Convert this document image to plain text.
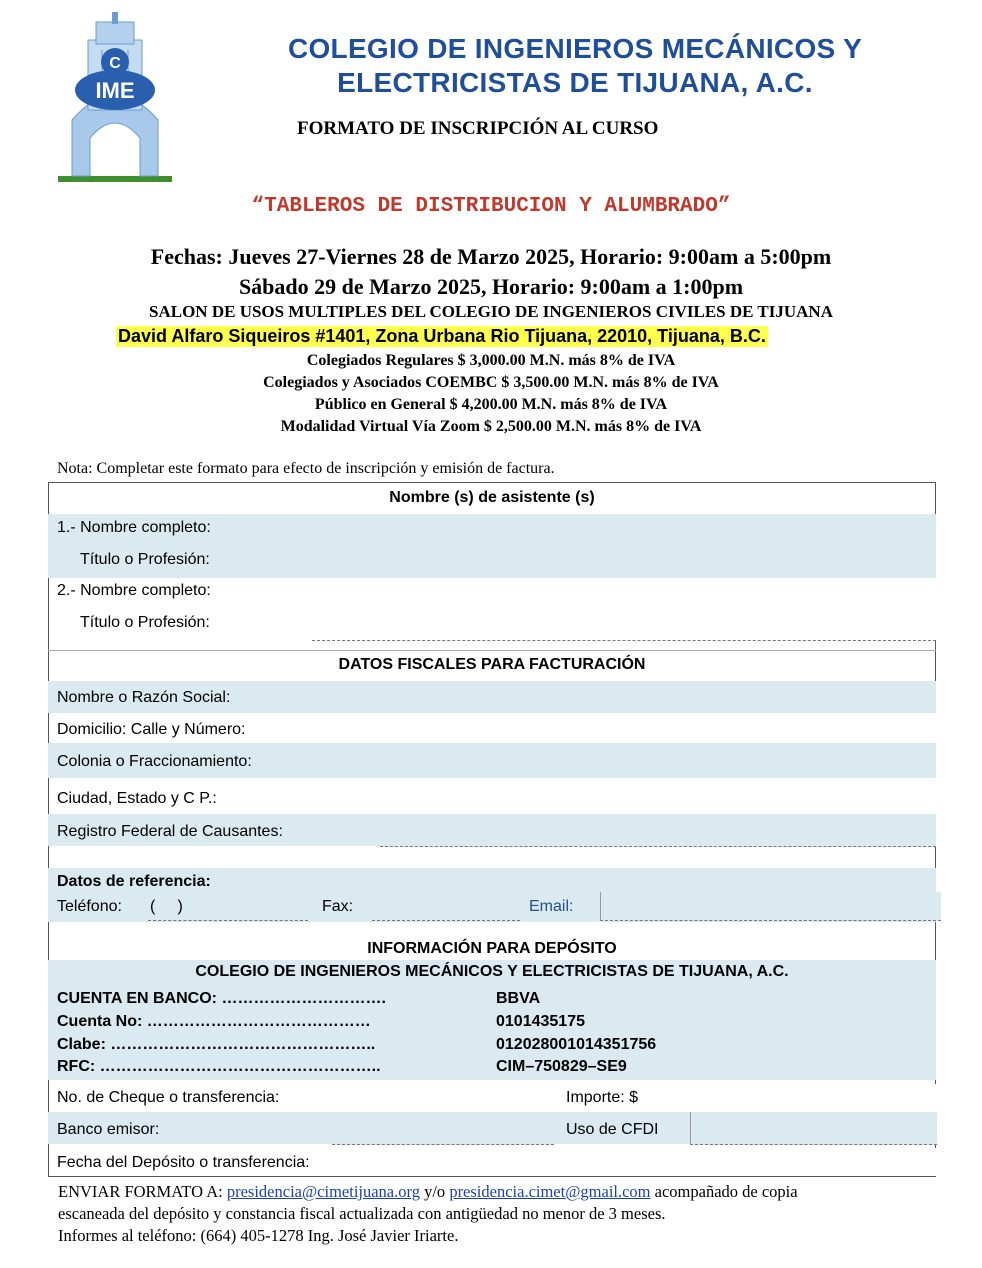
C
IME
COLEGIO DE INGENIEROS MECÁNICOS Y
ELECTRICISTAS DE TIJUANA, A.C.
FORMATO DE INSCRIPCIÓN AL CURSO
“TABLEROS DE DISTRIBUCION Y ALUMBRADO”
Fechas: Jueves 27-Viernes 28 de Marzo 2025, Horario: 9:00am a 5:00pm
Sábado 29 de Marzo 2025, Horario: 9:00am a 1:00pm
SALON DE USOS MULTIPLES DEL COLEGIO DE INGENIEROS CIVILES DE TIJUANA
David Alfaro Siqueiros #1401, Zona Urbana Rio Tijuana, 22010, Tijuana, B.C.
Colegiados Regulares $ 3,000.00 M.N. más 8% de IVA
Colegiados y Asociados COEMBC $ 3,500.00 M.N. más 8% de IVA
Público en General $ 4,200.00 M.N. más 8% de IVA
Modalidad Virtual Vía Zoom $ 2,500.00 M.N. más 8% de IVA
Nota: Completar este formato para efecto de inscripción y emisión de factura.
Nombre (s) de asistente (s)
1.- Nombre completo:
Título o Profesión:
2.- Nombre completo:
Título o Profesión:
DATOS FISCALES PARA FACTURACIÓN
Nombre o Razón Social:
Domicilio: Calle y Número:
Colonia o Fraccionamiento:
Ciudad, Estado y C P.:
Registro Federal de Causantes:
Datos de referencia:
Teléfono: (     )	Fax:	Email:
INFORMACIÓN PARA DEPÓSITO
COLEGIO DE INGENIEROS MECÁNICOS Y ELECTRICISTAS DE TIJUANA, A.C.
CUENTA EN BANCO: ………………………….	BBVA
Cuenta No: ……………………………………	0101435175
Clabe: …………………………………………..	012028001014351756
RFC: ……………………………………………..	CIM–750829–SE9
No. de Cheque o transferencia:	Importe: $
Banco emisor:	Uso de CFDI
Fecha del Depósito o transferencia:
ENVIAR FORMATO A: presidencia@cimetijuana.org y/o presidencia.cimet@gmail.com acompañado de copia
escaneada del depósito y constancia fiscal actualizada con antigüedad no menor de 3 meses.
Informes al teléfono: (664) 405-1278 Ing. José Javier Iriarte.
